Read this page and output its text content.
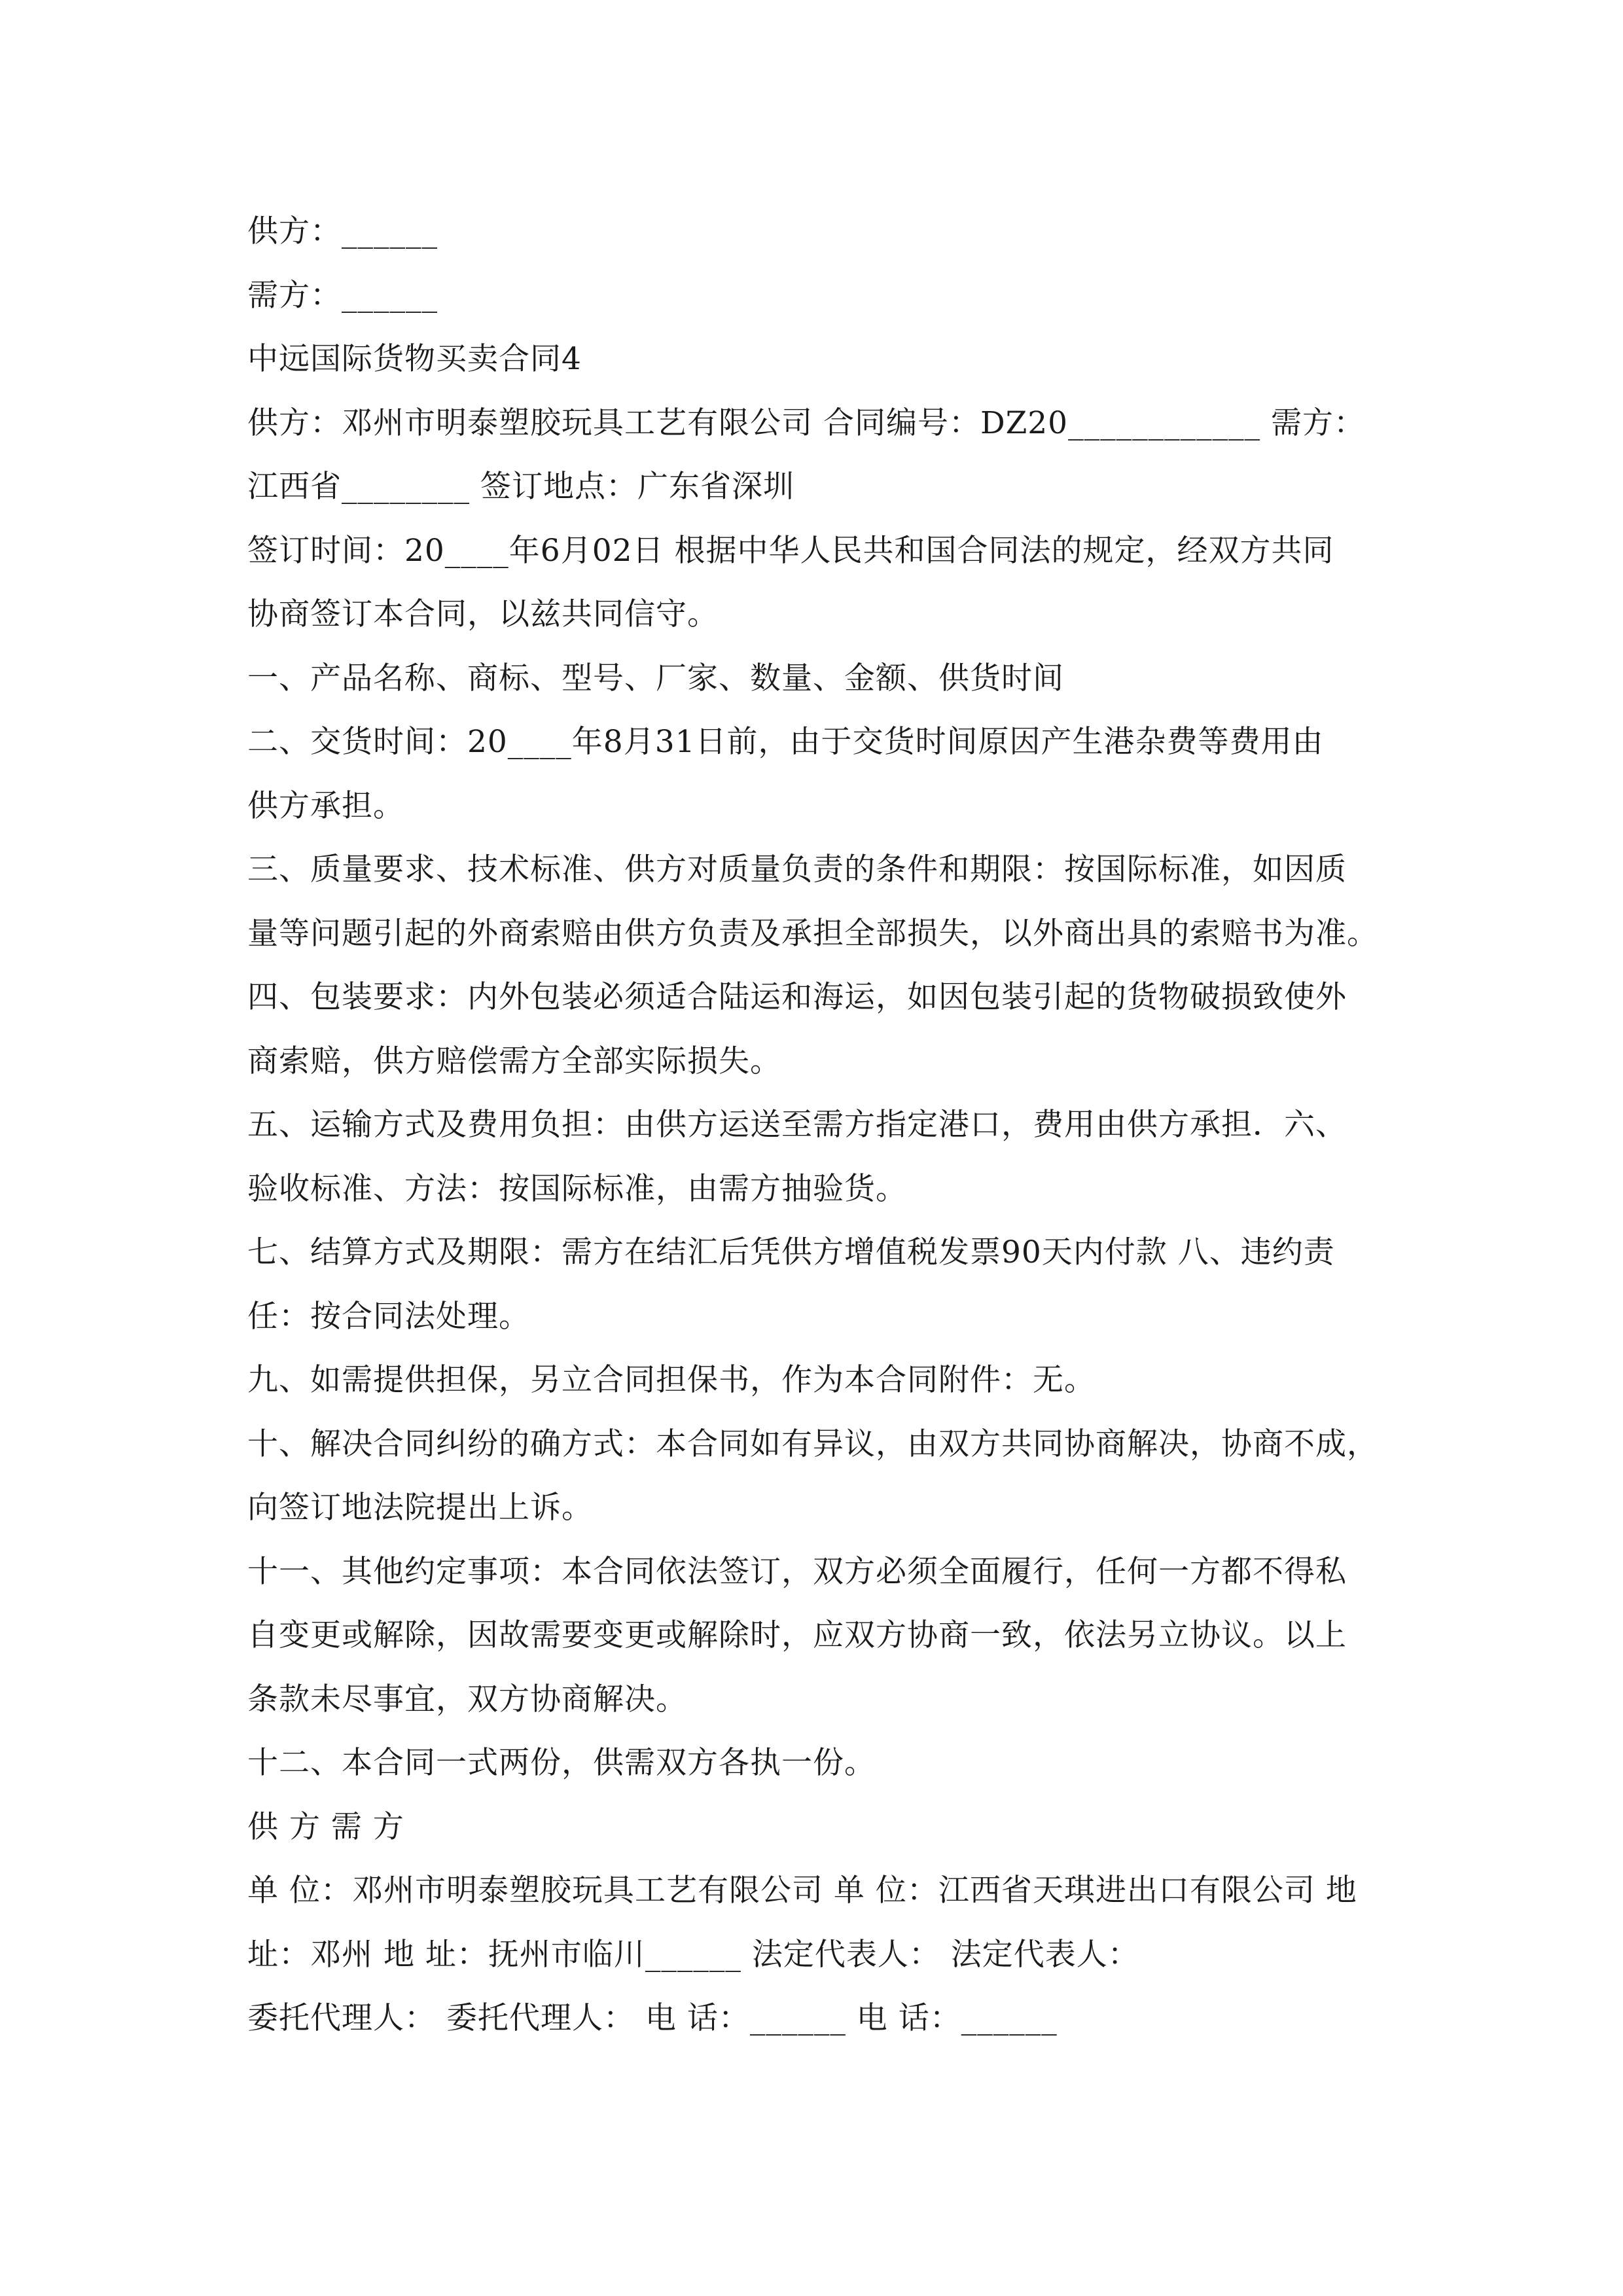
供方：______
需方：______
中远国际货物买卖合同4
供方：邓州市明泰塑胶玩具工艺有限公司 合同编号：DZ20____________ 需方：
江西省________ 签订地点：广东省深圳
签订时间：20____年6月02日 根据中华人民共和国合同法的规定，经双方共同
协商签订本合同，以兹共同信守。
一、产品名称、商标、型号、厂家、数量、金额、供货时间
二、交货时间：20____年8月31日前，由于交货时间原因产生港杂费等费用由
供方承担。
三、质量要求、技术标准、供方对质量负责的条件和期限：按国际标准，如因质
量等问题引起的外商索赔由供方负责及承担全部损失，以外商出具的索赔书为准。
四、包装要求：内外包装必须适合陆运和海运，如因包装引起的货物破损致使外
商索赔，供方赔偿需方全部实际损失。
五、运输方式及费用负担：由供方运送至需方指定港口，费用由供方承担．六、
验收标准、方法：按国际标准，由需方抽验货。
七、结算方式及期限：需方在结汇后凭供方增值税发票90天内付款 八、违约责
任：按合同法处理。
九、如需提供担保，另立合同担保书，作为本合同附件：无。
十、解决合同纠纷的确方式：本合同如有异议，由双方共同协商解决，协商不成，
向签订地法院提出上诉。
十一、其他约定事项：本合同依法签订，双方必须全面履行，任何一方都不得私
自变更或解除，因故需要变更或解除时，应双方协商一致，依法另立协议。以上
条款未尽事宜，双方协商解决。
十二、本合同一式两份，供需双方各执一份。
供 方 需 方
单 位：邓州市明泰塑胶玩具工艺有限公司 单 位：江西省天琪进出口有限公司 地
址：邓州 地 址：抚州市临川______ 法定代表人： 法定代表人：
委托代理人： 委托代理人： 电 话：______ 电 话：______
